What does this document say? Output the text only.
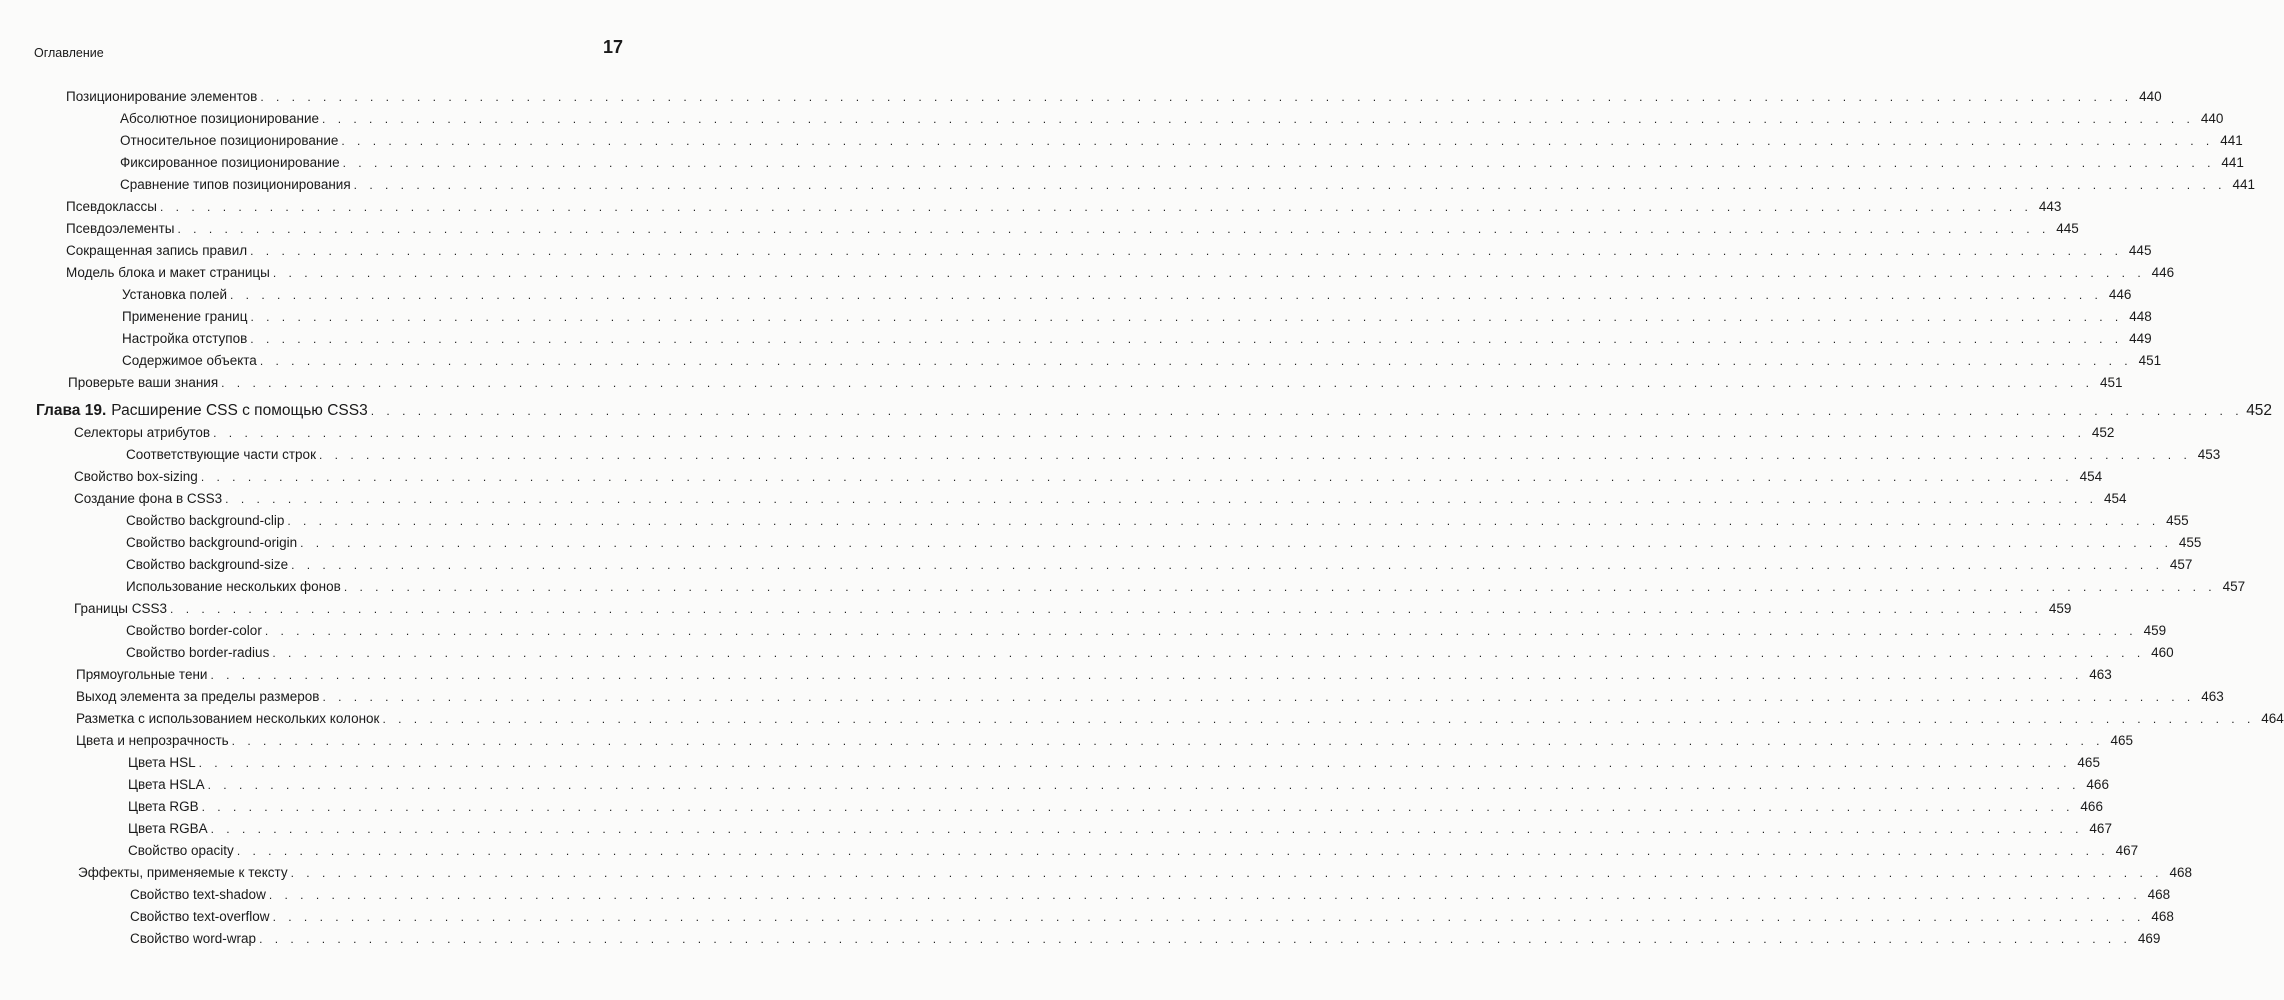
Оглавление	17
Позиционирование элементов . . . . . . . . . . . . . . . . . . . . . . . . . . . . . . . . . . . . . . . . . . . . . . . . . . . . . . . . . . . . . . . . . . . . . . . . . . . . . . . . . . . . . . . . . . . . . . . . . . . . . . . . . . . . . . . . . . . . . . . . 440
Абсолютное позиционирование . . . . . . . . . . . . . . . . . . . . . . . . . . . . . . . . . . . . . . . . . . . . . . . . . . . . . . . . . . . . . . . . . . . . . . . . . . . . . . . . . . . . . . . . . . . . . . . . . . . . . . . . . . . . . . . . . . . . . . . . 440
Относительное позиционирование . . . . . . . . . . . . . . . . . . . . . . . . . . . . . . . . . . . . . . . . . . . . . . . . . . . . . . . . . . . . . . . . . . . . . . . . . . . . . . . . . . . . . . . . . . . . . . . . . . . . . . . . . . . . . . . . . . . . . . . . 441
Фиксированное позиционирование . . . . . . . . . . . . . . . . . . . . . . . . . . . . . . . . . . . . . . . . . . . . . . . . . . . . . . . . . . . . . . . . . . . . . . . . . . . . . . . . . . . . . . . . . . . . . . . . . . . . . . . . . . . . . . . . . . . . . . . . 441
Сравнение типов позиционирования . . . . . . . . . . . . . . . . . . . . . . . . . . . . . . . . . . . . . . . . . . . . . . . . . . . . . . . . . . . . . . . . . . . . . . . . . . . . . . . . . . . . . . . . . . . . . . . . . . . . . . . . . . . . . . . . . . . . . . . . 441
Псевдоклассы . . . . . . . . . . . . . . . . . . . . . . . . . . . . . . . . . . . . . . . . . . . . . . . . . . . . . . . . . . . . . . . . . . . . . . . . . . . . . . . . . . . . . . . . . . . . . . . . . . . . . . . . . . . . . . . . . . . . . . . . 443
Псевдоэлементы . . . . . . . . . . . . . . . . . . . . . . . . . . . . . . . . . . . . . . . . . . . . . . . . . . . . . . . . . . . . . . . . . . . . . . . . . . . . . . . . . . . . . . . . . . . . . . . . . . . . . . . . . . . . . . . . . . . . . . . . 445
Сокращенная запись правил . . . . . . . . . . . . . . . . . . . . . . . . . . . . . . . . . . . . . . . . . . . . . . . . . . . . . . . . . . . . . . . . . . . . . . . . . . . . . . . . . . . . . . . . . . . . . . . . . . . . . . . . . . . . . . . . . . . . . . . . 445
Модель блока и макет страницы . . . . . . . . . . . . . . . . . . . . . . . . . . . . . . . . . . . . . . . . . . . . . . . . . . . . . . . . . . . . . . . . . . . . . . . . . . . . . . . . . . . . . . . . . . . . . . . . . . . . . . . . . . . . . . . . . . . . . . . . 446
Установка полей . . . . . . . . . . . . . . . . . . . . . . . . . . . . . . . . . . . . . . . . . . . . . . . . . . . . . . . . . . . . . . . . . . . . . . . . . . . . . . . . . . . . . . . . . . . . . . . . . . . . . . . . . . . . . . . . . . . . . . . . 446
Применение границ . . . . . . . . . . . . . . . . . . . . . . . . . . . . . . . . . . . . . . . . . . . . . . . . . . . . . . . . . . . . . . . . . . . . . . . . . . . . . . . . . . . . . . . . . . . . . . . . . . . . . . . . . . . . . . . . . . . . . . . . 448
Настройка отступов . . . . . . . . . . . . . . . . . . . . . . . . . . . . . . . . . . . . . . . . . . . . . . . . . . . . . . . . . . . . . . . . . . . . . . . . . . . . . . . . . . . . . . . . . . . . . . . . . . . . . . . . . . . . . . . . . . . . . . . . 449
Содержимое объекта . . . . . . . . . . . . . . . . . . . . . . . . . . . . . . . . . . . . . . . . . . . . . . . . . . . . . . . . . . . . . . . . . . . . . . . . . . . . . . . . . . . . . . . . . . . . . . . . . . . . . . . . . . . . . . . . . . . . . . . . 451
Проверьте ваши знания . . . . . . . . . . . . . . . . . . . . . . . . . . . . . . . . . . . . . . . . . . . . . . . . . . . . . . . . . . . . . . . . . . . . . . . . . . . . . . . . . . . . . . . . . . . . . . . . . . . . . . . . . . . . . . . . . . . . . . . . 451
Глава 19. Расширение CSS с помощью CSS3 . . . . . . . . . . . . . . . . . . . . . . . . . . . . . . . . . . . . . . . . . . . . . . . . . . . . . . . . . . . . . . . . . . . . . . . . . . . . . . . . . . . . . . . . . . . . . . . . . . . . . . . . . . . . . . . . . . . . . . . . 452
Селекторы атрибутов . . . . . . . . . . . . . . . . . . . . . . . . . . . . . . . . . . . . . . . . . . . . . . . . . . . . . . . . . . . . . . . . . . . . . . . . . . . . . . . . . . . . . . . . . . . . . . . . . . . . . . . . . . . . . . . . . . . . . . . . 452
Соответствующие части строк . . . . . . . . . . . . . . . . . . . . . . . . . . . . . . . . . . . . . . . . . . . . . . . . . . . . . . . . . . . . . . . . . . . . . . . . . . . . . . . . . . . . . . . . . . . . . . . . . . . . . . . . . . . . . . . . . . . . . . . . 453
Свойство box-sizing . . . . . . . . . . . . . . . . . . . . . . . . . . . . . . . . . . . . . . . . . . . . . . . . . . . . . . . . . . . . . . . . . . . . . . . . . . . . . . . . . . . . . . . . . . . . . . . . . . . . . . . . . . . . . . . . . . . . . . . . 454
Создание фона в CSS3 . . . . . . . . . . . . . . . . . . . . . . . . . . . . . . . . . . . . . . . . . . . . . . . . . . . . . . . . . . . . . . . . . . . . . . . . . . . . . . . . . . . . . . . . . . . . . . . . . . . . . . . . . . . . . . . . . . . . . . . . 454
Свойство background-clip . . . . . . . . . . . . . . . . . . . . . . . . . . . . . . . . . . . . . . . . . . . . . . . . . . . . . . . . . . . . . . . . . . . . . . . . . . . . . . . . . . . . . . . . . . . . . . . . . . . . . . . . . . . . . . . . . . . . . . . . 455
Свойство background-origin . . . . . . . . . . . . . . . . . . . . . . . . . . . . . . . . . . . . . . . . . . . . . . . . . . . . . . . . . . . . . . . . . . . . . . . . . . . . . . . . . . . . . . . . . . . . . . . . . . . . . . . . . . . . . . . . . . . . . . . . 455
Свойство background-size . . . . . . . . . . . . . . . . . . . . . . . . . . . . . . . . . . . . . . . . . . . . . . . . . . . . . . . . . . . . . . . . . . . . . . . . . . . . . . . . . . . . . . . . . . . . . . . . . . . . . . . . . . . . . . . . . . . . . . . . 457
Использование нескольких фонов . . . . . . . . . . . . . . . . . . . . . . . . . . . . . . . . . . . . . . . . . . . . . . . . . . . . . . . . . . . . . . . . . . . . . . . . . . . . . . . . . . . . . . . . . . . . . . . . . . . . . . . . . . . . . . . . . . . . . . . . 457
Границы CSS3 . . . . . . . . . . . . . . . . . . . . . . . . . . . . . . . . . . . . . . . . . . . . . . . . . . . . . . . . . . . . . . . . . . . . . . . . . . . . . . . . . . . . . . . . . . . . . . . . . . . . . . . . . . . . . . . . . . . . . . . . 459
Свойство border-color . . . . . . . . . . . . . . . . . . . . . . . . . . . . . . . . . . . . . . . . . . . . . . . . . . . . . . . . . . . . . . . . . . . . . . . . . . . . . . . . . . . . . . . . . . . . . . . . . . . . . . . . . . . . . . . . . . . . . . . . 459
Свойство border-radius . . . . . . . . . . . . . . . . . . . . . . . . . . . . . . . . . . . . . . . . . . . . . . . . . . . . . . . . . . . . . . . . . . . . . . . . . . . . . . . . . . . . . . . . . . . . . . . . . . . . . . . . . . . . . . . . . . . . . . . . 460
Прямоугольные тени . . . . . . . . . . . . . . . . . . . . . . . . . . . . . . . . . . . . . . . . . . . . . . . . . . . . . . . . . . . . . . . . . . . . . . . . . . . . . . . . . . . . . . . . . . . . . . . . . . . . . . . . . . . . . . . . . . . . . . . . 463
Выход элемента за пределы размеров . . . . . . . . . . . . . . . . . . . . . . . . . . . . . . . . . . . . . . . . . . . . . . . . . . . . . . . . . . . . . . . . . . . . . . . . . . . . . . . . . . . . . . . . . . . . . . . . . . . . . . . . . . . . . . . . . . . . . . . . 463
Разметка с использованием нескольких колонок . . . . . . . . . . . . . . . . . . . . . . . . . . . . . . . . . . . . . . . . . . . . . . . . . . . . . . . . . . . . . . . . . . . . . . . . . . . . . . . . . . . . . . . . . . . . . . . . . . . . . . . . . . . . . . . . . . . . . . . . 464
Цвета и непрозрачность . . . . . . . . . . . . . . . . . . . . . . . . . . . . . . . . . . . . . . . . . . . . . . . . . . . . . . . . . . . . . . . . . . . . . . . . . . . . . . . . . . . . . . . . . . . . . . . . . . . . . . . . . . . . . . . . . . . . . . . . 465
Цвета HSL . . . . . . . . . . . . . . . . . . . . . . . . . . . . . . . . . . . . . . . . . . . . . . . . . . . . . . . . . . . . . . . . . . . . . . . . . . . . . . . . . . . . . . . . . . . . . . . . . . . . . . . . . . . . . . . . . . . . . . . . 465
Цвета HSLA . . . . . . . . . . . . . . . . . . . . . . . . . . . . . . . . . . . . . . . . . . . . . . . . . . . . . . . . . . . . . . . . . . . . . . . . . . . . . . . . . . . . . . . . . . . . . . . . . . . . . . . . . . . . . . . . . . . . . . . . 466
Цвета RGB . . . . . . . . . . . . . . . . . . . . . . . . . . . . . . . . . . . . . . . . . . . . . . . . . . . . . . . . . . . . . . . . . . . . . . . . . . . . . . . . . . . . . . . . . . . . . . . . . . . . . . . . . . . . . . . . . . . . . . . . 466
Цвета RGBA . . . . . . . . . . . . . . . . . . . . . . . . . . . . . . . . . . . . . . . . . . . . . . . . . . . . . . . . . . . . . . . . . . . . . . . . . . . . . . . . . . . . . . . . . . . . . . . . . . . . . . . . . . . . . . . . . . . . . . . . 467
Свойство opacity . . . . . . . . . . . . . . . . . . . . . . . . . . . . . . . . . . . . . . . . . . . . . . . . . . . . . . . . . . . . . . . . . . . . . . . . . . . . . . . . . . . . . . . . . . . . . . . . . . . . . . . . . . . . . . . . . . . . . . . . 467
Эффекты, применяемые к тексту . . . . . . . . . . . . . . . . . . . . . . . . . . . . . . . . . . . . . . . . . . . . . . . . . . . . . . . . . . . . . . . . . . . . . . . . . . . . . . . . . . . . . . . . . . . . . . . . . . . . . . . . . . . . . . . . . . . . . . . . 468
Свойство text-shadow . . . . . . . . . . . . . . . . . . . . . . . . . . . . . . . . . . . . . . . . . . . . . . . . . . . . . . . . . . . . . . . . . . . . . . . . . . . . . . . . . . . . . . . . . . . . . . . . . . . . . . . . . . . . . . . . . . . . . . . . 468
Свойство text-overflow . . . . . . . . . . . . . . . . . . . . . . . . . . . . . . . . . . . . . . . . . . . . . . . . . . . . . . . . . . . . . . . . . . . . . . . . . . . . . . . . . . . . . . . . . . . . . . . . . . . . . . . . . . . . . . . . . . . . . . . . 468
Свойство word-wrap . . . . . . . . . . . . . . . . . . . . . . . . . . . . . . . . . . . . . . . . . . . . . . . . . . . . . . . . . . . . . . . . . . . . . . . . . . . . . . . . . . . . . . . . . . . . . . . . . . . . . . . . . . . . . . . . . . . . . . . . 469
